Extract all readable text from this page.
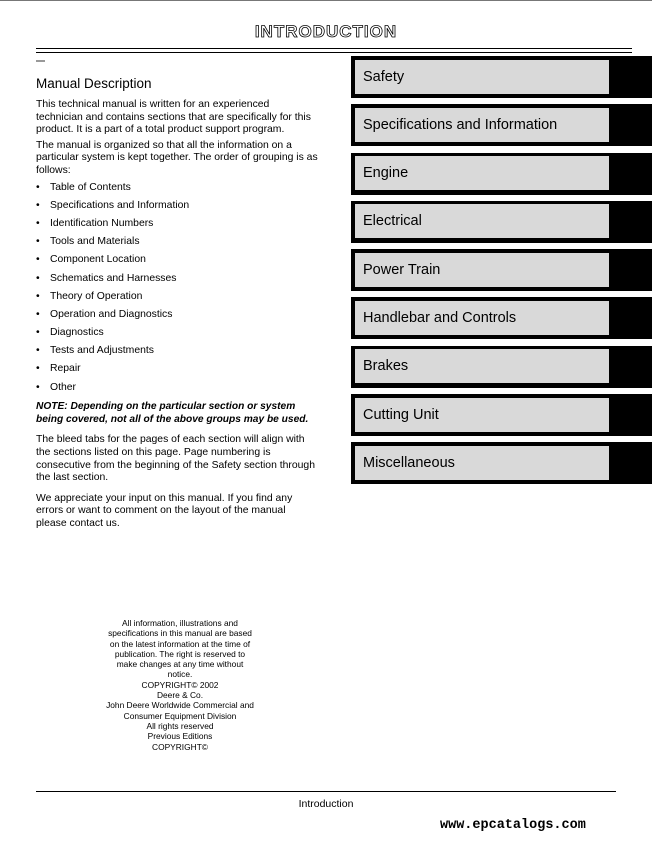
INTRODUCTION
Manual Description

This technical manual is written for an experienced technician and contains sections that are specifically for this product. It is a part of a total product support program.

The manual is organized so that all the information on a particular system is kept together. The order of grouping is as follows:

• Table of Contents
• Specifications and Information
• Identification Numbers
• Tools and Materials
• Component Location
• Schematics and Harnesses
• Theory of Operation
• Operation and Diagnostics
• Diagnostics
• Tests and Adjustments
• Repair
• Other

NOTE: Depending on the particular section or system being covered, not all of the above groups may be used.

The bleed tabs for the pages of each section will align with the sections listed on this page. Page numbering is consecutive from the beginning of the Safety section through the last section.

We appreciate your input on this manual. If you find any errors or want to comment on the layout of the manual please contact us.

Safety
Specifications and Information
Engine
Electrical
Power Train
Handlebar and Controls
Brakes
Cutting Unit
Miscellaneous
All information, illustrations and
specifications in this manual are based
on the latest information at the time of
publication. The right is reserved to
make changes at any time without
notice.
COPYRIGHT© 2002
Deere & Co.
John Deere Worldwide Commercial and
Consumer Equipment Division
All rights reserved
Previous Editions
COPYRIGHT©
Introduction
www.epcatalogs.com
